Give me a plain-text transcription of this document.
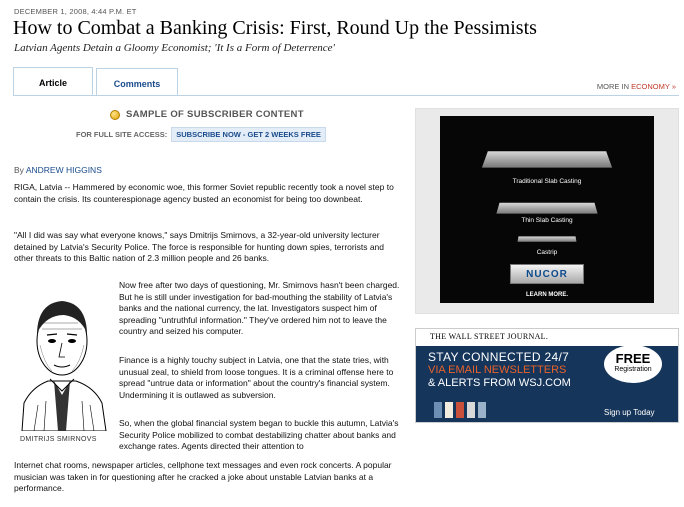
DECEMBER 1, 2008, 4:44 P.M. ET
How to Combat a Banking Crisis: First, Round Up the Pessimists
Latvian Agents Detain a Gloomy Economist; 'It Is a Form of Deterrence'
Article	Comments	MORE IN ECONOMY »
SAMPLE OF SUBSCRIBER CONTENT
FOR FULL SITE ACCESS:	SUBSCRIBE NOW - GET 2 WEEKS FREE
By ANDREW HIGGINS

RIGA, Latvia -- Hammered by economic woe, this former Soviet republic recently took a novel step to contain the crisis. Its counterespionage agency busted an economist for being too downbeat.

"All I did was say what everyone knows," says Dmitrijs Smirnovs, a 32-year-old university lecturer detained by Latvia's Security Police. The force is responsible for hunting down spies, terrorists and other threats to this Baltic nation of 2.3 million people and 26 banks.

DMITRIJS SMIRNOVS

Now free after two days of questioning, Mr. Smirnovs hasn't been charged. But he is still under investigation for bad-mouthing the stability of Latvia's banks and the national currency, the lat. Investigators suspect him of spreading "untruthful information." They've ordered him not to leave the country and seized his computer.

Finance is a highly touchy subject in Latvia, one that the state tries, with unusual zeal, to shield from loose tongues. It is a criminal offense here to spread "untrue data or information" about the country's financial system. Undermining it is outlawed as subversion.

So, when the global financial system began to buckle this autumn, Latvia's Security Police mobilized to combat destabilizing chatter about banks and exchange rates. Agents directed their attention to

Internet chat rooms, newspaper articles, cellphone text messages and even rock concerts. A popular musician was taken in for questioning after he cracked a joke about unstable Latvian banks at a performance.

Traditional Slab Casting
Thin Slab Casting
Castrip
NUCOR
LEARN MORE.
THE WALL STREET JOURNAL.
STAY CONNECTED 24/7
VIA EMAIL NEWSLETTERS
& ALERTS FROM WSJ.COM
FREE
Registration
Sign up Today
